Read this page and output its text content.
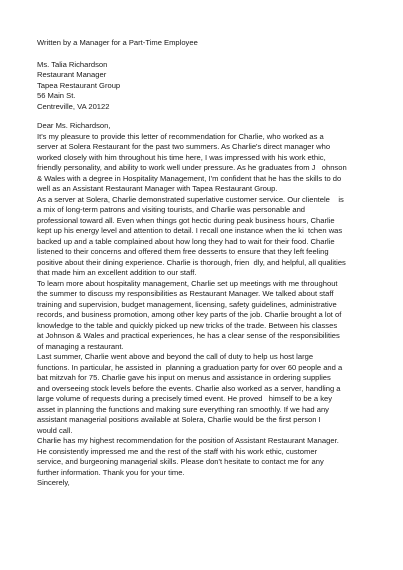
Written by a Manager for a Part-Time Employee
Ms. Talia Richardson
Restaurant Manager
Tapea Restaurant Group
56 Main St.
Centreville, VA 20122
Dear Ms. Richardson,
It's my pleasure to provide this letter of recommendation for Charlie, who worked as a
server at Solera Restaurant for the past two summers. As Charlie's direct manager who
worked closely with him throughout his time here, I was impressed with his work ethic,
friendly personality, and ability to work well under pressure. As he graduates from J   ohnson
& Wales with a degree in Hospitality Management, I'm confident that he has the skills to do
well as an Assistant Restaurant Manager with Tapea Restaurant Group.
As a server at Solera, Charlie demonstrated superlative customer service. Our clientele    is
a mix of long-term patrons and visiting tourists, and Charlie was personable and
professional toward all. Even when things got hectic during peak business hours, Charlie
kept up his energy level and attention to detail. I recall one instance when the ki  tchen was
backed up and a table complained about how long they had to wait for their food. Charlie
listened to their concerns and offered them free desserts to ensure that they left feeling
positive about their dining experience. Charlie is thorough, frien  dly, and helpful, all qualities
that made him an excellent addition to our staff.
To learn more about hospitality management, Charlie set up meetings with me throughout
the summer to discuss my responsibilities as Restaurant Manager. We talked about staff
training and supervision, budget management, licensing, safety guidelines, administrative
records, and business promotion, among other key parts of the job. Charlie brought a lot of
knowledge to the table and quickly picked up new tricks of the trade. Between his classes
at Johnson & Wales and practical experiences, he has a clear sense of the responsibilities
of managing a restaurant.
Last summer, Charlie went above and beyond the call of duty to help us host large
functions. In particular, he assisted in  planning a graduation party for over 60 people and a
bat mitzvah for 75. Charlie gave his input on menus and assistance in ordering supplies
and overseeing stock levels before the events. Charlie also worked as a server, handling a
large volume of requests during a precisely timed event. He proved   himself to be a key
asset in planning the functions and making sure everything ran smoothly. If we had any
assistant managerial positions available at Solera, Charlie would be the first person I
would call.
Charlie has my highest recommendation for the position of Assistant Restaurant Manager.
He consistently impressed me and the rest of the staff with his work ethic, customer
service, and burgeoning managerial skills. Please don't hesitate to contact me for any
further information. Thank you for your time.
Sincerely,
